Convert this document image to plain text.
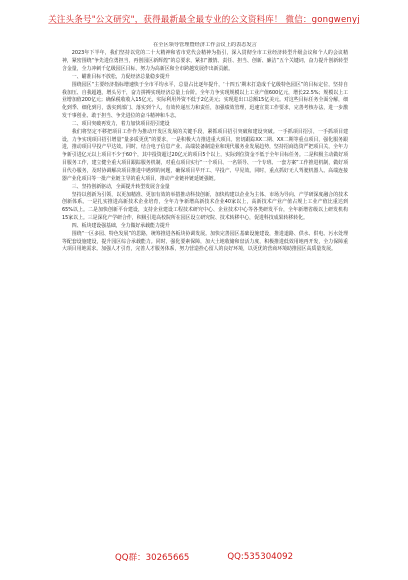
关注头条号"公文研究"，获得最新最全最专业的公文资料库！ 微信：gongwenyj

在全区领导管理暨经济工作会议上的表态发言

2023年下半年，我们坚持以党的二十大精神和省市党代会精神为指引，深入贯彻全市工业经济转型升级会议和个人的会议精神，紧密围绕“争先进位勇担当，再创园区新辉煌”的总要求，紧扣“激情、责任、担当、创新、廉洁”五个关键词，奋力提升创新转型含金量，全力冲刺千亿级园区目标，努力为高新区和全市跨越发展作出新贡献。

一、瞄准目标不放松，力促经济总量稳步提升

围绕园区“主要经济指标增速快于全市平均水平，总量占比逐年提升，‘十四五’期末打造成千亿级特色园区”的目标定位，坚持自我加压、自我超越，增头另干，奋力拼搏实现经济总量上台阶。全年力争实现规模以上工业产值600亿元，增长22.5%；规模以上工业增加值200亿元；确保税收收入15亿元，实际利用外资不低于2亿美元；实现进出口总额15亿美元。对这些目标任务全面分解，细化到季、细化到月，落实到部门、落实到个人，有效传递压力和责任，加强绩效管理，迅速宣贯工作要求，完善考核办法，进一步激发干事创业、敢于担当、争先进位的奋斗精神和斗志。

二、项目突破再发力，着力加快项目招引建设

我们将坚定不移把项目工作作为推动开发区发展的关键手段，紧抓项目招引突破和建设突破。一手抓项目招引，一手抓项目建设，力争实现项目招引增量“量多质更优”的要求，一是积极大力推进重大项目。密切跟踪XX二期、XX二期等重点项目，强化服务跟进，推动项目早投产早达效。同时，结合电子信息产业、高端装备制造业和现代服务业发展趋势，坚持招商选资严把项目关，全年力争新引进亿元以上项目不少于60个，其中投资超过20亿元的项目5个以上，实际到位资金不低于全年目标任务。二是积极主动做好项目服务工作，建立健全重大项目跟踪服务机制，对重点项目实行“一个项目、一名领导、一个专班、一套方案”工作推进机制，做好项目代办服务，及时协调解决项目推进中遇到的问题，确保项目早开工、早投产、早见效。同时，重点抓好无人驾驶机器人、高端连接器产业化项目等一批产业链主导的重大项目，推动产业链补链延链强链。

三、坚持创新驱动，全面提升转型发展含金量

坚持以创新为引领，以更加精准、更加有效的举措推动科技创新，加快构建以企业为主体、市场为导向、产学研深度融合的技术创新体系。一是扎实推进高新技术企业培育，全年力争新增高新技术企业40家以上，高新技术产业产值占规上工业产值比重达到65%以上。二是加快创新平台建设，支持企业建设工程技术研究中心、企业技术中心等各类研发平台，全年新增省级以上研发机构15家以上。三是深化产学研合作，积极引进高校院所在园区设立研究院、技术转移中心，促进科技成果转移转化。

四、板块建设强基础，全力做好承载能力提升

围绕“一区多园、特色发展”的思路，统筹推进各板块协调发展。加快完善园区基础设施建设，推进道路、供水、供电、污水处理等配套设施建设，提升园区综合承载能力。同时，强化要素保障，加大土地收储和盘活力度，积极推进低效用地再开发，全力保障重大项目用地需求。加强人才引育，完善人才服务体系，努力营造拴心留人的良好环境，以更优的营商环境助推园区高质量发展。

QQ群：30265665	QQ:535304092
